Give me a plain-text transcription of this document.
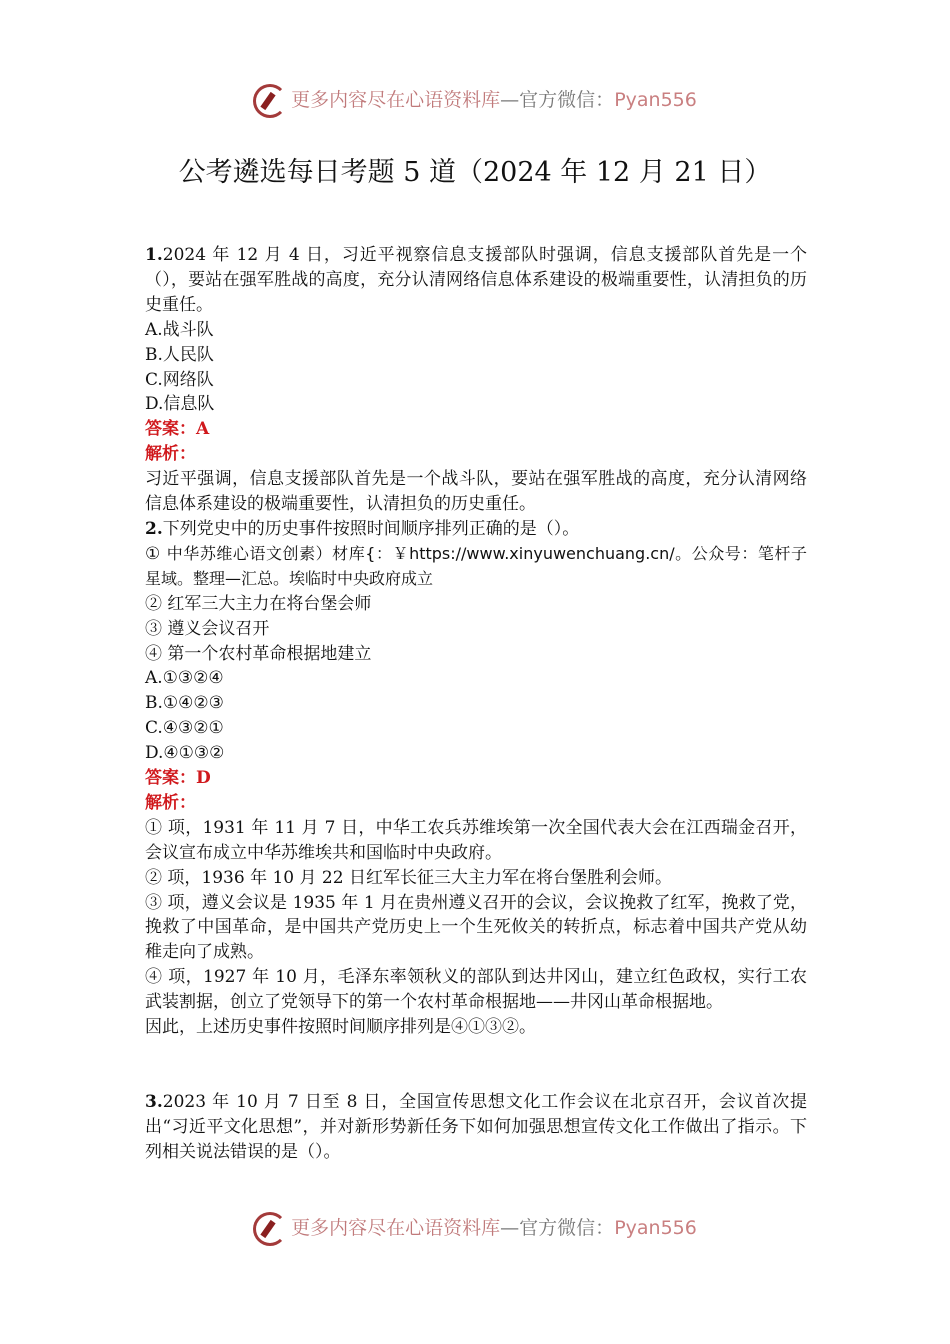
更多内容尽在心语资料库—官方微信：Pyan556
公考遴选每日考题 5 道（2024 年 12 月 21 日）

1.2024 年 12 月 4 日，习近平视察信息支援部队时强调，信息支援部队首先是一个（），要站在强军胜战的高度，充分认清网络信息体系建设的极端重要性，认清担负的历史重任。

A.战斗队

B.人民队

C.网络队

D.信息队

答案：A

解析：

习近平强调，信息支援部队首先是一个战斗队，要站在强军胜战的高度，充分认清网络信息体系建设的极端重要性，认清担负的历史重任。

2.下列党史中的历史事件按照时间顺序排列正确的是（）。

① 中华苏维心语文创素）材库{：￥https://www.xinyuwenchuang.cn/。公众号：笔杆子星域。整理—汇总。埃临时中央政府成立

② 红军三大主力在将台堡会师

③ 遵义会议召开

④ 第一个农村革命根据地建立

A.①③②④

B.①④②③

C.④③②①

D.④①③②

答案：D

解析：

① 项，1931 年 11 月 7 日，中华工农兵苏维埃第一次全国代表大会在江西瑞金召开，会议宣布成立中华苏维埃共和国临时中央政府。

② 项，1936 年 10 月 22 日红军长征三大主力军在将台堡胜利会师。

③ 项，遵义会议是 1935 年 1 月在贵州遵义召开的会议，会议挽救了红军，挽救了党，挽救了中国革命，是中国共产党历史上一个生死攸关的转折点，标志着中国共产党从幼稚走向了成熟。

④ 项，1927 年 10 月，毛泽东率领秋义的部队到达井冈山，建立红色政权，实行工农武装割据，创立了党领导下的第一个农村革命根据地——井冈山革命根据地。

因此，上述历史事件按照时间顺序排列是④①③②。

3.2023 年 10 月 7 日至 8 日，全国宣传思想文化工作会议在北京召开，会议首次提出“习近平文化思想”，并对新形势新任务下如何加强思想宣传文化工作做出了指示。下列相关说法错误的是（）。

更多内容尽在心语资料库—官方微信：Pyan556
